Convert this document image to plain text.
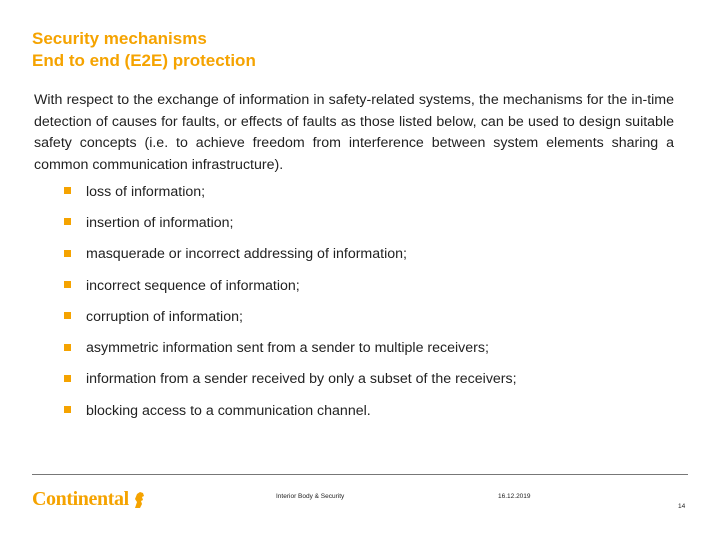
Security mechanisms
End to end (E2E) protection
With respect to the exchange of information in safety-related systems, the mechanisms for the in-time detection of causes for faults, or effects of faults as those listed below, can be used to design suitable safety concepts (i.e. to achieve freedom from interference between system elements sharing a common communication infrastructure).
loss of information;
insertion of information;
masquerade or incorrect addressing of information;
incorrect sequence of information;
corruption of information;
asymmetric information sent from a sender to multiple receivers;
information from a sender received by only a subset of the receivers;
blocking access to a communication channel.
Continental	Interior Body & Security	16.12.2019
14
